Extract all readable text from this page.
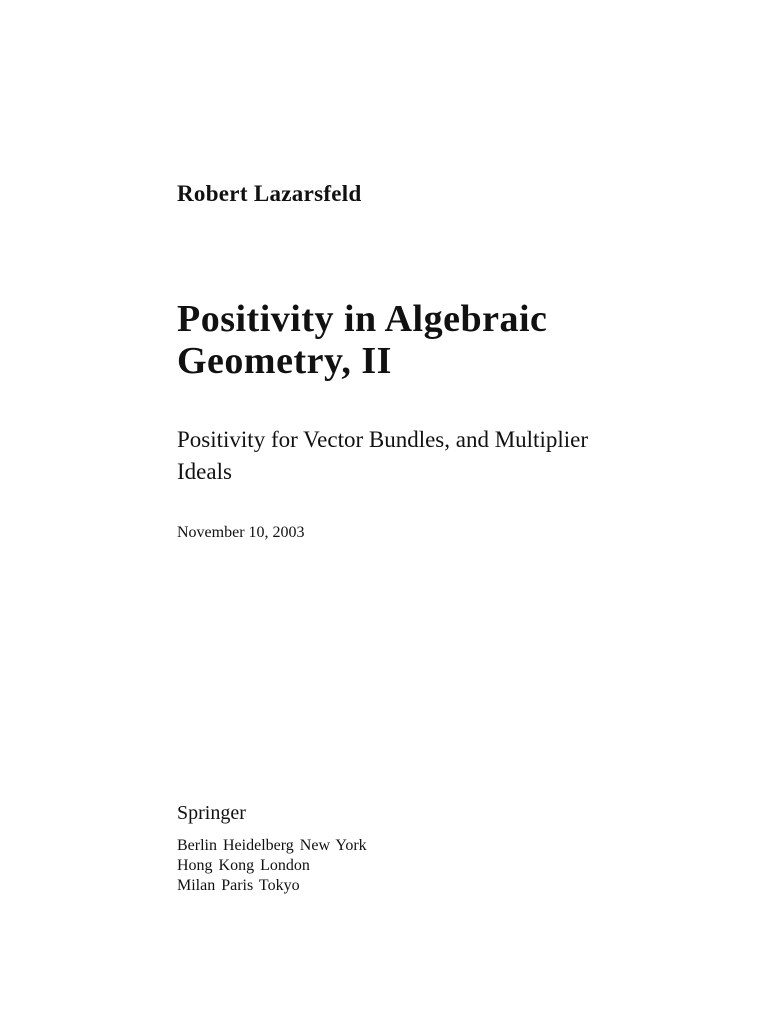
Robert Lazarsfeld
Positivity in Algebraic
Geometry, II
Positivity for Vector Bundles, and Multiplier
Ideals
November 10, 2003
Springer
Berlin Heidelberg New York
Hong Kong London
Milan Paris Tokyo
